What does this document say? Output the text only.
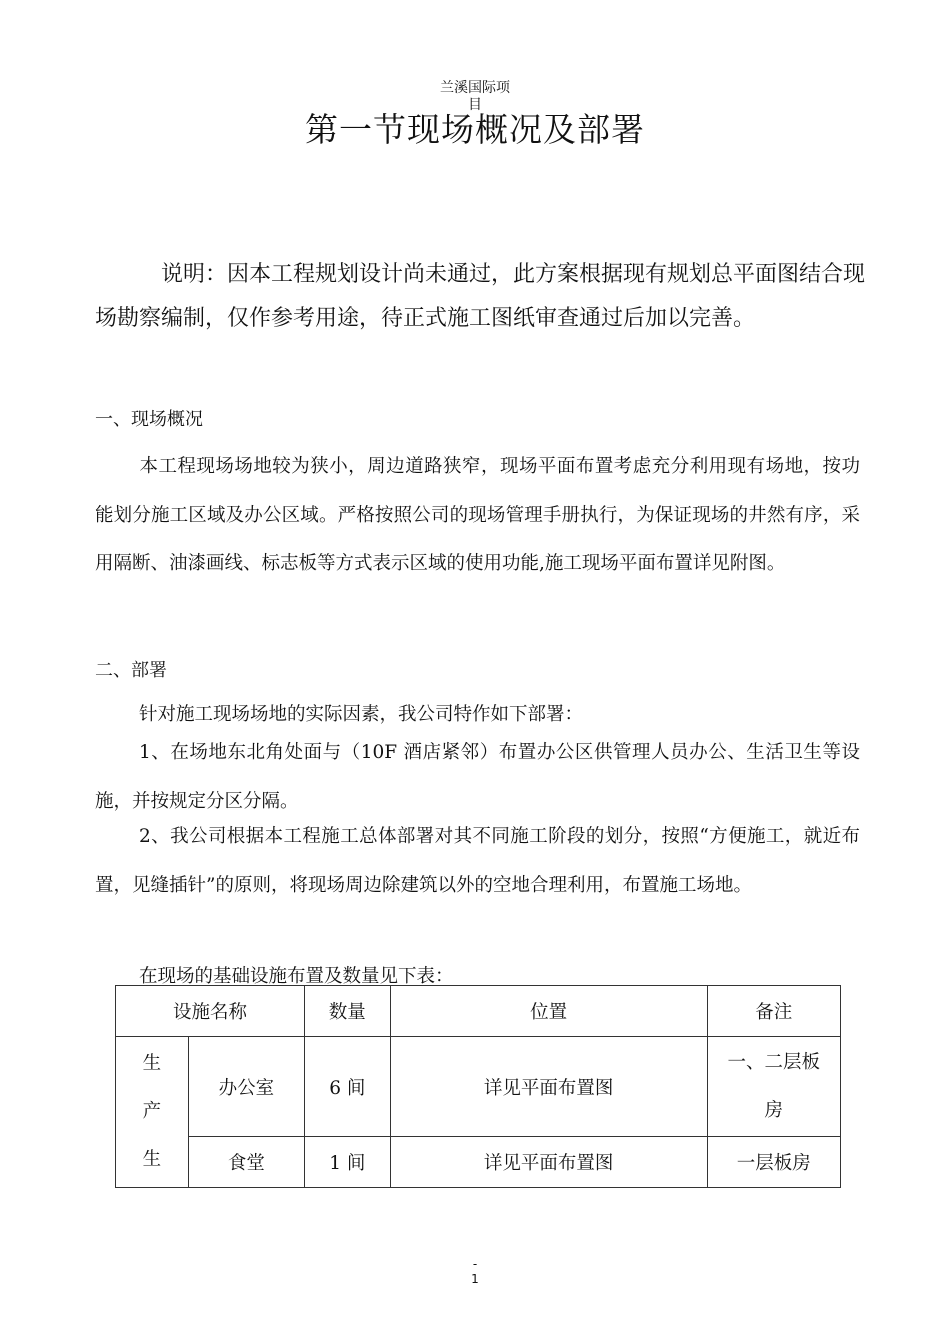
兰溪国际项
目
第一节现场概况及部署
说明：因本工程规划设计尚未通过，此方案根据现有规划总平面图结合现场勘察编制，仅作参考用途，待正式施工图纸审查通过后加以完善。
一、现场概况
本工程现场场地较为狭小，周边道路狭窄，现场平面布置考虑充分利用现有场地，按功能划分施工区域及办公区域。严格按照公司的现场管理手册执行，为保证现场的井然有序，采用隔断、油漆画线、标志板等方式表示区域的使用功能,施工现场平面布置详见附图。
二、部署
针对施工现场场地的实际因素，我公司特作如下部署：
1、在场地东北角处面与（10F 酒店紧邻）布置办公区供管理人员办公、生活卫生等设施，并按规定分区分隔。
2、我公司根据本工程施工总体部署对其不同施工阶段的划分，按照“方便施工，就近布置，见缝插针”的原则，将现场周边除建筑以外的空地合理利用，布置施工场地。
在现场的基础设施布置及数量见下表：
设施名称		数量	位置	备注

生
产
生	办公室	6 间	详见平面布置图	一、二层板
房

	食堂	1 间	详见平面布置图	一层板房
-
1
